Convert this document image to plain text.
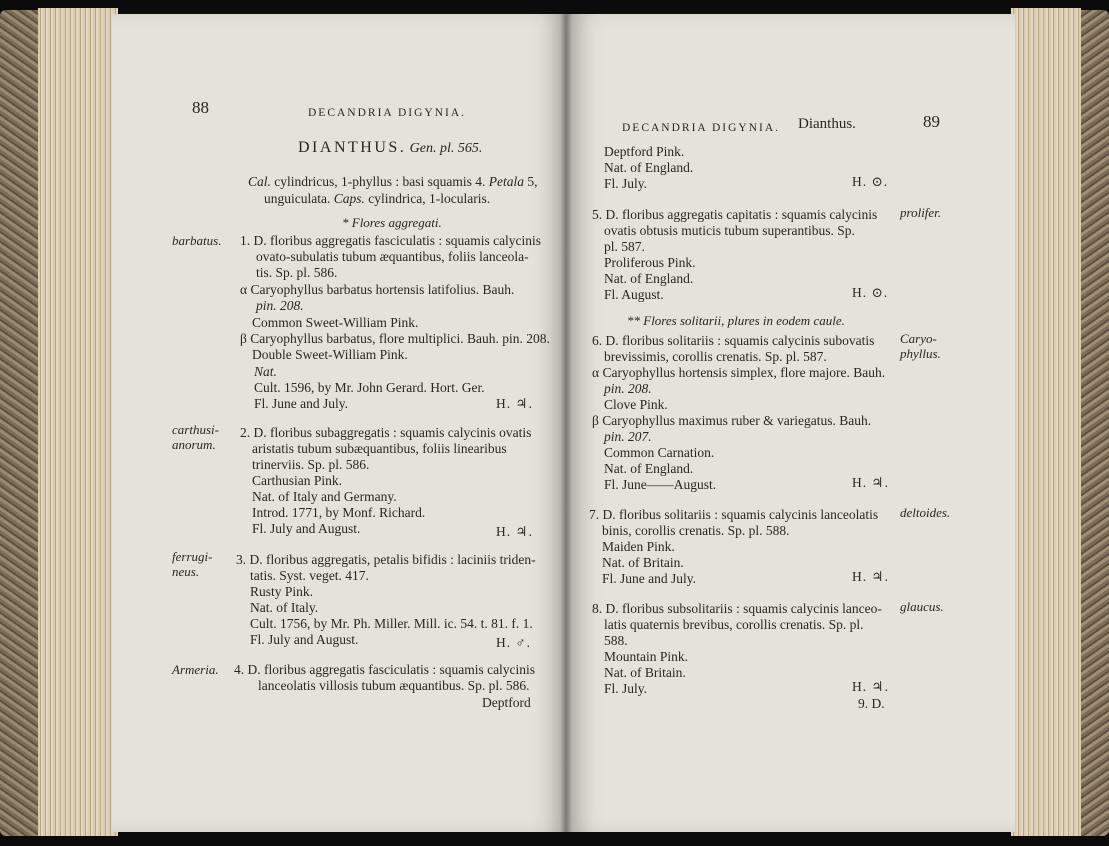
88	DECANDRIA DIGYNIA.
DIANTHUS. Gen. pl. 565.
Cal. cylindricus, 1-phyllus : basi squamis 4. Petala 5,
unguiculata. Caps. cylindrica, 1-locularis.
* Flores aggregati.
barbatus. 1. D. floribus aggregatis fasciculatis : squamis calycinis
ovato-subulatis tubum æquantibus, foliis lanceola-
tis. Sp. pl. 586.
α Caryophyllus barbatus hortensis latifolius. Bauh.
pin. 208.
Common Sweet-William Pink.
β Caryophyllus barbatus, flore multiplici. Bauh. pin. 208.
Double Sweet-William Pink.
Nat.
Cult. 1596, by Mr. John Gerard. Hort. Ger.
Fl. June and July.	H. ♃.
carthusi-
anorum.
2. D. floribus subaggregatis : squamis calycinis ovatis
aristatis tubum subæquantibus, foliis linearibus
trinerviis. Sp. pl. 586.
Carthusian Pink.
Nat. of Italy and Germany.
Introd. 1771, by Monf. Richard.
Fl. July and August.	H. ♃.
ferrugi-
neus.
3. D. floribus aggregatis, petalis bifidis : laciniis triden-
tatis. Syst. veget. 417.
Rusty Pink.
Nat. of Italy.
Cult. 1756, by Mr. Ph. Miller. Mill. ic. 54. t. 81. f. 1.
Fl. July and August.	H. ♂.
Armeria. 4. D. floribus aggregatis fasciculatis : squamis calycinis
lanceolatis villosis tubum æquantibus. Sp. pl. 586.
Deptford
DECANDRIA DIGYNIA. Dianthus.	89
Deptford Pink.
Nat. of England.
Fl. July.	H. ⊙.
5. D. floribus aggregatis capitatis : squamis calycinis
ovatis obtusis muticis tubum superantibus. Sp.
pl. 587.
prolifer.
Proliferous Pink.
Nat. of England.
Fl. August.	H. ⊙.
** Flores solitarii, plures in eodem caule.
6. D. floribus solitariis : squamis calycinis subovatis
brevissimis, corollis crenatis. Sp. pl. 587.
Caryo-
phyllus.
α Caryophyllus hortensis simplex, flore majore. Bauh.
pin. 208.
Clove Pink.
β Caryophyllus maximus ruber & variegatus. Bauh.
pin. 207.
Common Carnation.
Nat. of England.
Fl. June——August.	H. ♃.
7. D. floribus solitariis : squamis calycinis lanceolatis
binis, corollis crenatis. Sp. pl. 588.
deltoides.
Maiden Pink.
Nat. of Britain.
Fl. June and July.	H. ♃.
8. D. floribus subsolitariis : squamis calycinis lanceo-
latis quaternis brevibus, corollis crenatis. Sp. pl.
588.
glaucus.
Mountain Pink.
Nat. of Britain.
Fl. July.	H. ♃.
9. D.
